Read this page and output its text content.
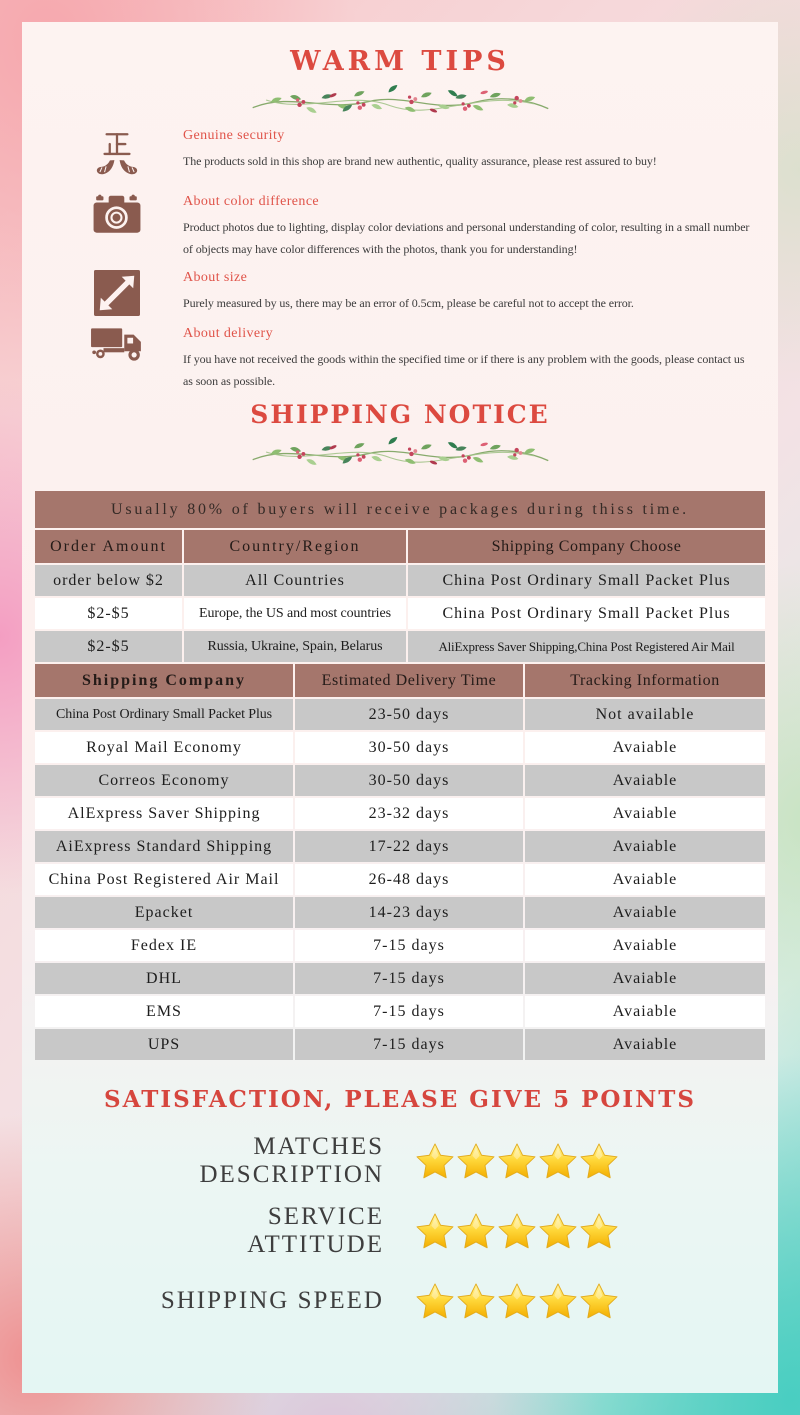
WARM TIPS
Genuine security

The products sold in this shop are brand new authentic, quality assurance, please rest assured to buy!

About color difference

Product photos due to lighting, display color deviations and personal understanding of color, resulting in a small number of objects may have color differences with the photos, thank you for understanding!

About size

Purely measured by us, there may be an error of 0.5cm, please be careful not to accept the error.

About delivery

If you have not received the goods within the specified time or if there is any problem with the goods, please contact us as soon as possible.

SHIPPING NOTICE
Usually 80% of buyers will receive packages during thiss time.
Order Amount	Country/Region	Shipping Company Choose
order below $2	All Countries	China Post Ordinary Small Packet Plus
$2-$5	Europe, the US and most countries	China Post Ordinary Small Packet Plus
$2-$5	Russia, Ukraine, Spain, Belarus	AliExpress Saver Shipping,China Post Registered Air Mail
Shipping Company	Estimated Delivery Time	Tracking Information
China Post Ordinary Small Packet Plus	23-50 days	Not available
Royal Mail Economy	30-50 days	Avaiable
Correos Economy	30-50 days	Avaiable
AlExpress Saver Shipping	23-32 days	Avaiable
AiExpress Standard Shipping	17-22 days	Avaiable
China Post Registered Air Mail	26-48 days	Avaiable
Epacket	14-23 days	Avaiable
Fedex IE	7-15 days	Avaiable
DHL	7-15 days	Avaiable
EMS	7-15 days	Avaiable
UPS	7-15 days	Avaiable
SATISFACTION, PLEASE GIVE 5 POINTS
MATCHES DESCRIPTION
SERVICE ATTITUDE
SHIPPING SPEED
